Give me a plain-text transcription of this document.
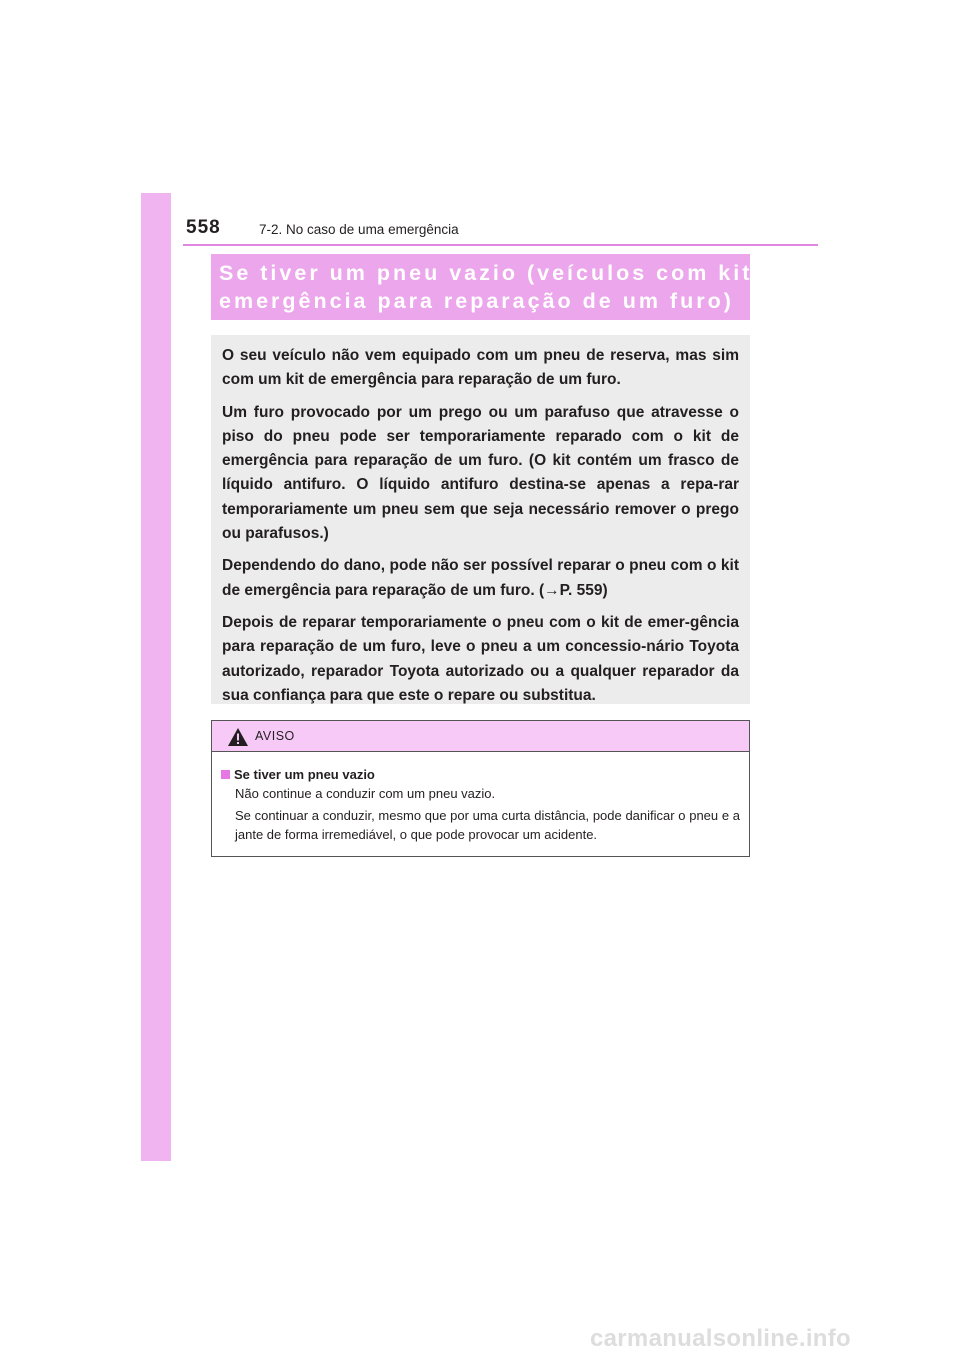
558	7-2. No caso de uma emergência
Se tiver um pneu vazio (veículos com kit de
emergência para reparação de um furo)

O seu veículo não vem equipado com um pneu de reserva, mas sim com um kit de emergência para reparação de um furo.

Um furo provocado por um prego ou um parafuso que atravesse o piso do pneu pode ser temporariamente reparado com o kit de emergência para reparação de um furo. (O kit contém um frasco de líquido antifuro. O líquido antifuro destina-se apenas a repa-rar temporariamente um pneu sem que seja necessário remover o prego ou parafusos.)

Dependendo do dano, pode não ser possível reparar o pneu com o kit de emergência para reparação de um furo. (→P. 559)

Depois de reparar temporariamente o pneu com o kit de emer-gência para reparação de um furo, leve o pneu a um concessio-nário Toyota autorizado, reparador Toyota autorizado ou a qualquer reparador da sua confiança para que este o repare ou substitua.

AVISO
Se tiver um pneu vazio
Não continue a conduzir com um pneu vazio.
Se continuar a conduzir, mesmo que por uma curta distância, pode danificar o pneu e a jante de forma irremediável, o que pode provocar um acidente.
carmanualsonline.info
